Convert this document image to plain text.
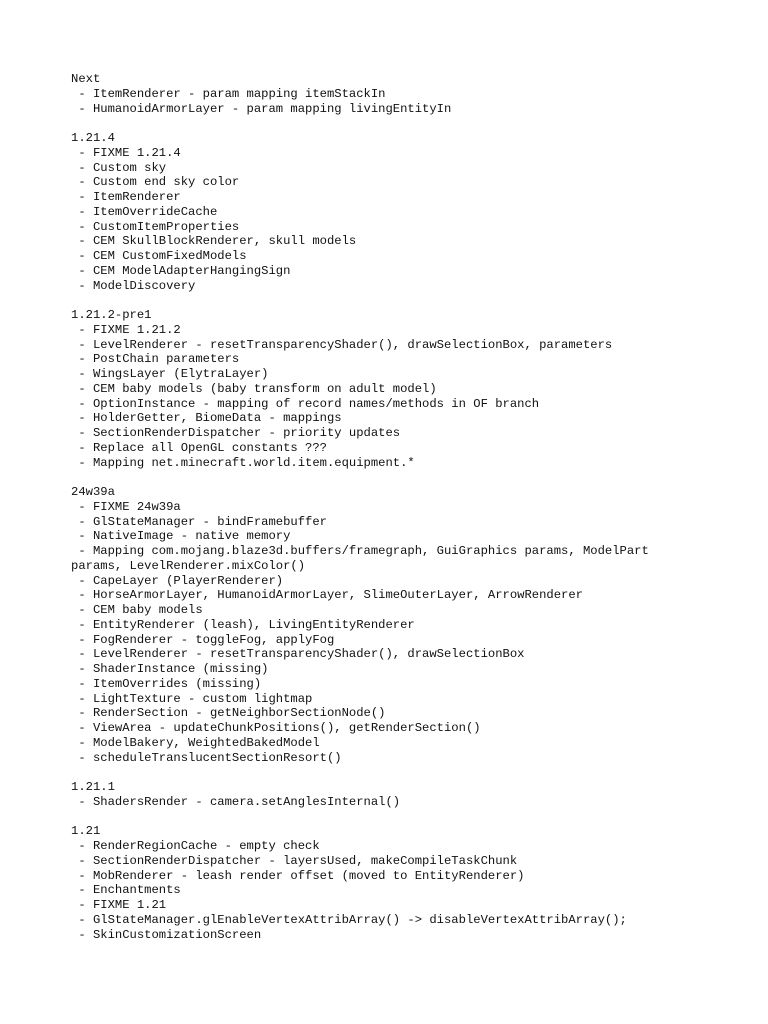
Next
- ItemRenderer - param mapping itemStackIn
- HumanoidArmorLayer - param mapping livingEntityIn
1.21.4
- FIXME 1.21.4
- Custom sky
- Custom end sky color
- ItemRenderer
- ItemOverrideCache
- CustomItemProperties
- CEM SkullBlockRenderer, skull models
- CEM CustomFixedModels
- CEM ModelAdapterHangingSign
- ModelDiscovery
1.21.2-pre1
- FIXME 1.21.2
- LevelRenderer - resetTransparencyShader(), drawSelectionBox, parameters
- PostChain parameters
- WingsLayer (ElytraLayer)
- CEM baby models (baby transform on adult model)
- OptionInstance - mapping of record names/methods in OF branch
- HolderGetter, BiomeData - mappings
- SectionRenderDispatcher - priority updates
- Replace all OpenGL constants ???
- Mapping net.minecraft.world.item.equipment.*
24w39a
- FIXME 24w39a
- GlStateManager - bindFramebuffer
- NativeImage - native memory
- Mapping com.mojang.blaze3d.buffers/framegraph, GuiGraphics params, ModelPart
params, LevelRenderer.mixColor()
- CapeLayer (PlayerRenderer)
- HorseArmorLayer, HumanoidArmorLayer, SlimeOuterLayer, ArrowRenderer
- CEM baby models
- EntityRenderer (leash), LivingEntityRenderer
- FogRenderer - toggleFog, applyFog
- LevelRenderer - resetTransparencyShader(), drawSelectionBox
- ShaderInstance (missing)
- ItemOverrides (missing)
- LightTexture - custom lightmap
- RenderSection - getNeighborSectionNode()
- ViewArea - updateChunkPositions(), getRenderSection()
- ModelBakery, WeightedBakedModel
- scheduleTranslucentSectionResort()
1.21.1
- ShadersRender - camera.setAnglesInternal()
1.21
- RenderRegionCache - empty check
- SectionRenderDispatcher - layersUsed, makeCompileTaskChunk
- MobRenderer - leash render offset (moved to EntityRenderer)
- Enchantments
- FIXME 1.21
- GlStateManager.glEnableVertexAttribArray() -> disableVertexAttribArray();
- SkinCustomizationScreen
